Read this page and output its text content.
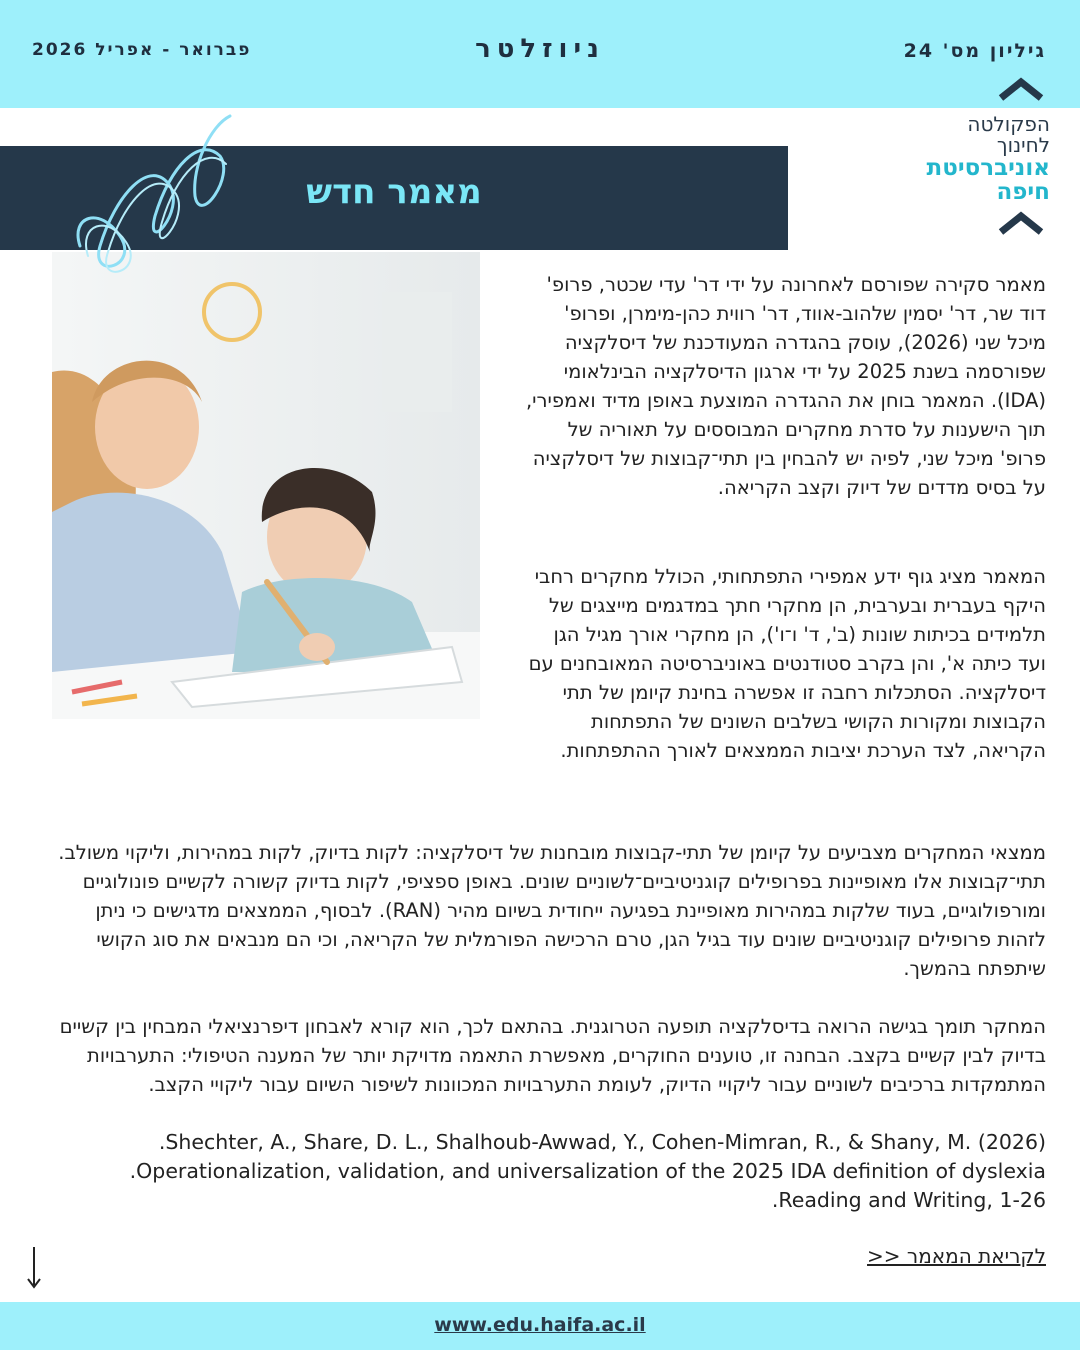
גיליון מס' 24
ניוזלטר
פברואר - אפריל 2026
הפקולטה
לחינוך
אוניברסיטת
חיפה
מאמר חדש

מאמר סקירה שפורסם לאחרונה על ידי דר' עדי שכטר, פרופ' דוד שר, דר' יסמין שלהוב-אווד, דר' רווית כהן-מימרן, ופרופ' מיכל שני (2026), עוסק בהגדרה המעודכנת של דיסלקציה שפורסמה בשנת 2025 על ידי ארגון הדיסלקציה הבינלאומי (IDA). המאמר בוחן את ההגדרה המוצעת באופן מדיד ואמפירי, תוך הישענות על סדרת מחקרים המבוססים על תאוריה של פרופ' מיכל שני, לפיה יש להבחין בין תתי־קבוצות של דיסלקציה על בסיס מדדים של דיוק וקצב הקריאה.

המאמר מציג גוף ידע אמפירי התפתחותי, הכולל מחקרים רחבי היקף בעברית ובערבית, הן מחקרי חתך במדגמים מייצגים של תלמידים בכיתות שונות (ב', ד' ו־ו'), הן מחקרי אורך מגיל הגן ועד כיתה א', והן בקרב סטודנטים באוניברסיטה המאובחנים עם דיסלקציה. הסתכלות רחבה זו אפשרה בחינת קיומן של תתי הקבוצות ומקורות הקושי בשלבים השונים של התפתחות הקריאה, לצד הערכת יציבות הממצאים לאורך ההתפתחות.

ממצאי המחקרים מצביעים על קיומן של תתי-קבוצות מובחנות של דיסלקציה: לקות בדיוק, לקות במהירות, וליקוי משולב. תתי־קבוצות אלו מאופיינות בפרופילים קוגניטיביים־לשוניים שונים. באופן ספציפי, לקות בדיוק קשורה לקשיים פונולוגיים ומורפולוגיים, בעוד שלקות במהירות מאופיינת בפגיעה ייחודית בשיום מהיר (RAN). לבסוף, הממצאים מדגישים כי ניתן לזהות פרופילים קוגניטיביים שונים עוד בגיל הגן, טרם הרכישה הפורמלית של הקריאה, וכי הם מנבאים את סוג הקושי שיתפתח בהמשך.

המחקר תומך בגישה הרואה בדיסלקציה תופעה הטרוגנית. בהתאם לכך, הוא קורא לאבחון דיפרנציאלי המבחין בין קשיים בדיוק לבין קשיים בקצב. הבחנה זו, טוענים החוקרים, מאפשרת התאמה מדויקת יותר של המענה הטיפולי: התערבויות המתמקדות ברכיבים לשוניים עבור ליקויי הדיוק, לעומת התערבויות המכוונות לשיפור השיום עבור ליקויי הקצב.

Shechter, A., Share, D. L., Shalhoub-Awwad, Y., Cohen-Mimran, R., & Shany, M. (2026).
Operationalization, validation, and universalization of the 2025 IDA definition of dyslexia.
Reading and Writing, 1-26.
לקריאת המאמר <<
www.edu.haifa.ac.il
